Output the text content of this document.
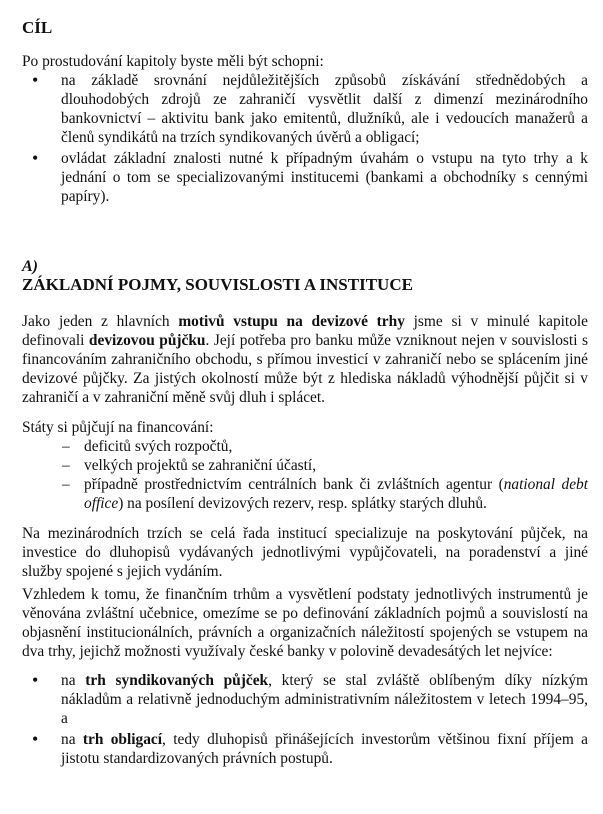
CÍL

Po prostudování kapitoly byste měli být schopni:

• na základě srovnání nejdůležitějších způsobů získávání střednědobých a dlouhodobých zdrojů ze zahraničí vysvětlit další z dimenzí mezinárodního bankovnictví – aktivitu bank jako emitentů, dlužníků, ale i vedoucích manažerů a členů syndikátů na trzích syndikovaných úvěrů a obligací;
• ovládat základní znalosti nutné k případným úvahám o vstupu na tyto trhy a k jednání o tom se specializovanými institucemi (bankami a obchodníky s cennými papíry).
A)
ZÁKLADNÍ POJMY, SOUVISLOSTI A INSTITUCE

Jako jeden z hlavních motivů vstupu na devizové trhy jsme si v minulé kapitole definovali devizovou půjčku. Její potřeba pro banku může vzniknout nejen v souvislosti s financováním zahraničního obchodu, s přímou investicí v zahraničí nebo se splácením jiné devizové půjčky. Za jistých okolností může být z hlediska nákladů výhodnější půjčit si v zahraničí a v zahraniční měně svůj dluh i splácet.

Státy si půjčují na financování:

– deficitů svých rozpočtů,
– velkých projektů se zahraniční účastí,
– případně prostřednictvím centrálních bank či zvláštních agentur (national debt office) na posílení devizových rezerv, resp. splátky starých dluhů.

Na mezinárodních trzích se celá řada institucí specializuje na poskytování půjček, na investice do dluhopisů vydávaných jednotlivými vypůjčovateli, na poradenství a jiné služby spojené s jejich vydáním.

Vzhledem k tomu, že finančním trhům a vysvětlení podstaty jednotlivých instrumentů je věnována zvláštní učebnice, omezíme se po definování základních pojmů a souvislostí na objasnění institucionálních, právních a organizačních náležitostí spojených se vstupem na dva trhy, jejichž možnosti využívaly české banky v polovině devadesátých let nejvíce:

• na trh syndikovaných půjček, který se stal zvláště oblíbeným díky nízkým nákladům a relativně jednoduchým administrativním náležitostem v letech 1994–95, a
• na trh obligací, tedy dluhopisů přinášejících investorům většinou fixní příjem a jistotu standardizovaných právních postupů.
